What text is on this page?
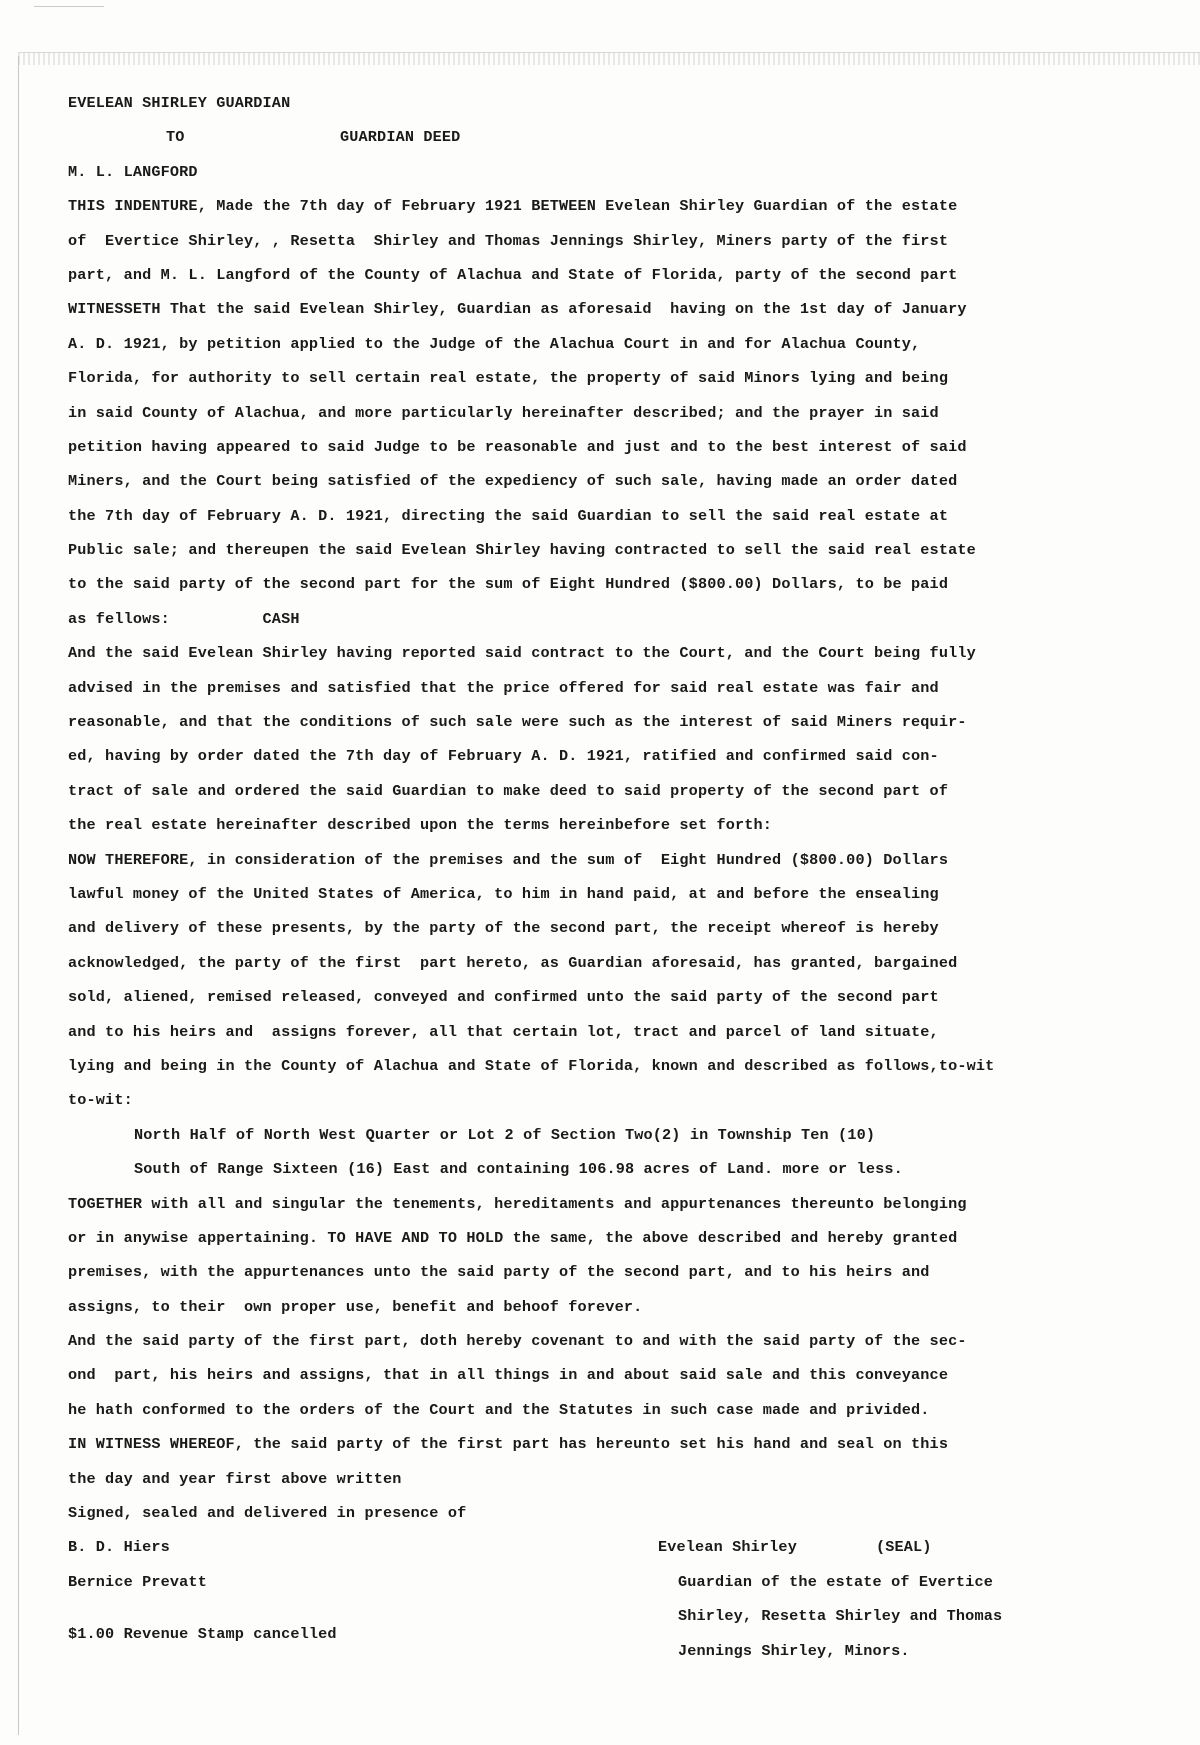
EVELEAN SHIRLEY GUARDIAN
TO	GUARDIAN DEED
M. L. LANGFORD
THIS INDENTURE, Made the 7th day of February 1921 BETWEEN Evelean Shirley Guardian of the estate
of  Evertice Shirley, , Resetta  Shirley and Thomas Jennings Shirley, Miners party of the first
part, and M. L. Langford of the County of Alachua and State of Florida, party of the second part
WITNESSETH That the said Evelean Shirley, Guardian as aforesaid  having on the 1st day of January
A. D. 1921, by petition applied to the Judge of the Alachua Court in and for Alachua County,
Florida, for authority to sell certain real estate, the property of said Minors lying and being
in said County of Alachua, and more particularly hereinafter described; and the prayer in said
petition having appeared to said Judge to be reasonable and just and to the best interest of said
Miners, and the Court being satisfied of the expediency of such sale, having made an order dated
the 7th day of February A. D. 1921, directing the said Guardian to sell the said real estate at
Public sale; and thereupen the said Evelean Shirley having contracted to sell the said real estate
to the said party of the second part for the sum of Eight Hundred ($800.00) Dollars, to be paid
as fellows:          CASH
And the said Evelean Shirley having reported said contract to the Court, and the Court being fully
advised in the premises and satisfied that the price offered for said real estate was fair and
reasonable, and that the conditions of such sale were such as the interest of said Miners requir-
ed, having by order dated the 7th day of February A. D. 1921, ratified and confirmed said con-
tract of sale and ordered the said Guardian to make deed to said property of the second part of
the real estate hereinafter described upon the terms hereinbefore set forth:
NOW THEREFORE, in consideration of the premises and the sum of  Eight Hundred ($800.00) Dollars
lawful money of the United States of America, to him in hand paid, at and before the ensealing
and delivery of these presents, by the party of the second part, the receipt whereof is hereby
acknowledged, the party of the first  part hereto, as Guardian aforesaid, has granted, bargained
sold, aliened, remised released, conveyed and confirmed unto the said party of the second part
and to his heirs and  assigns forever, all that certain lot, tract and parcel of land situate,
lying and being in the County of Alachua and State of Florida, known and described as follows,to-wit
to-wit:
North Half of North West Quarter or Lot 2 of Section Two(2) in Township Ten (10)
South of Range Sixteen (16) East and containing 106.98 acres of Land. more or less.
TOGETHER with all and singular the tenements, hereditaments and appurtenances thereunto belonging
or in anywise appertaining. TO HAVE AND TO HOLD the same, the above described and hereby granted
premises, with the appurtenances unto the said party of the second part, and to his heirs and
assigns, to their  own proper use, benefit and behoof forever.
And the said party of the first part, doth hereby covenant to and with the said party of the sec-
ond  part, his heirs and assigns, that in all things in and about said sale and this conveyance
he hath conformed to the orders of the Court and the Statutes in such case made and privided.
IN WITNESS WHEREOF, the said party of the first part has hereunto set his hand and seal on this
the day and year first above written
Signed, sealed and delivered in presence of
B. D. Hiers
Bernice Prevatt
$1.00 Revenue Stamp cancelled
Evelean Shirley	(SEAL)
Guardian of the estate of Evertice
Shirley, Resetta Shirley and Thomas
Jennings Shirley, Minors.
